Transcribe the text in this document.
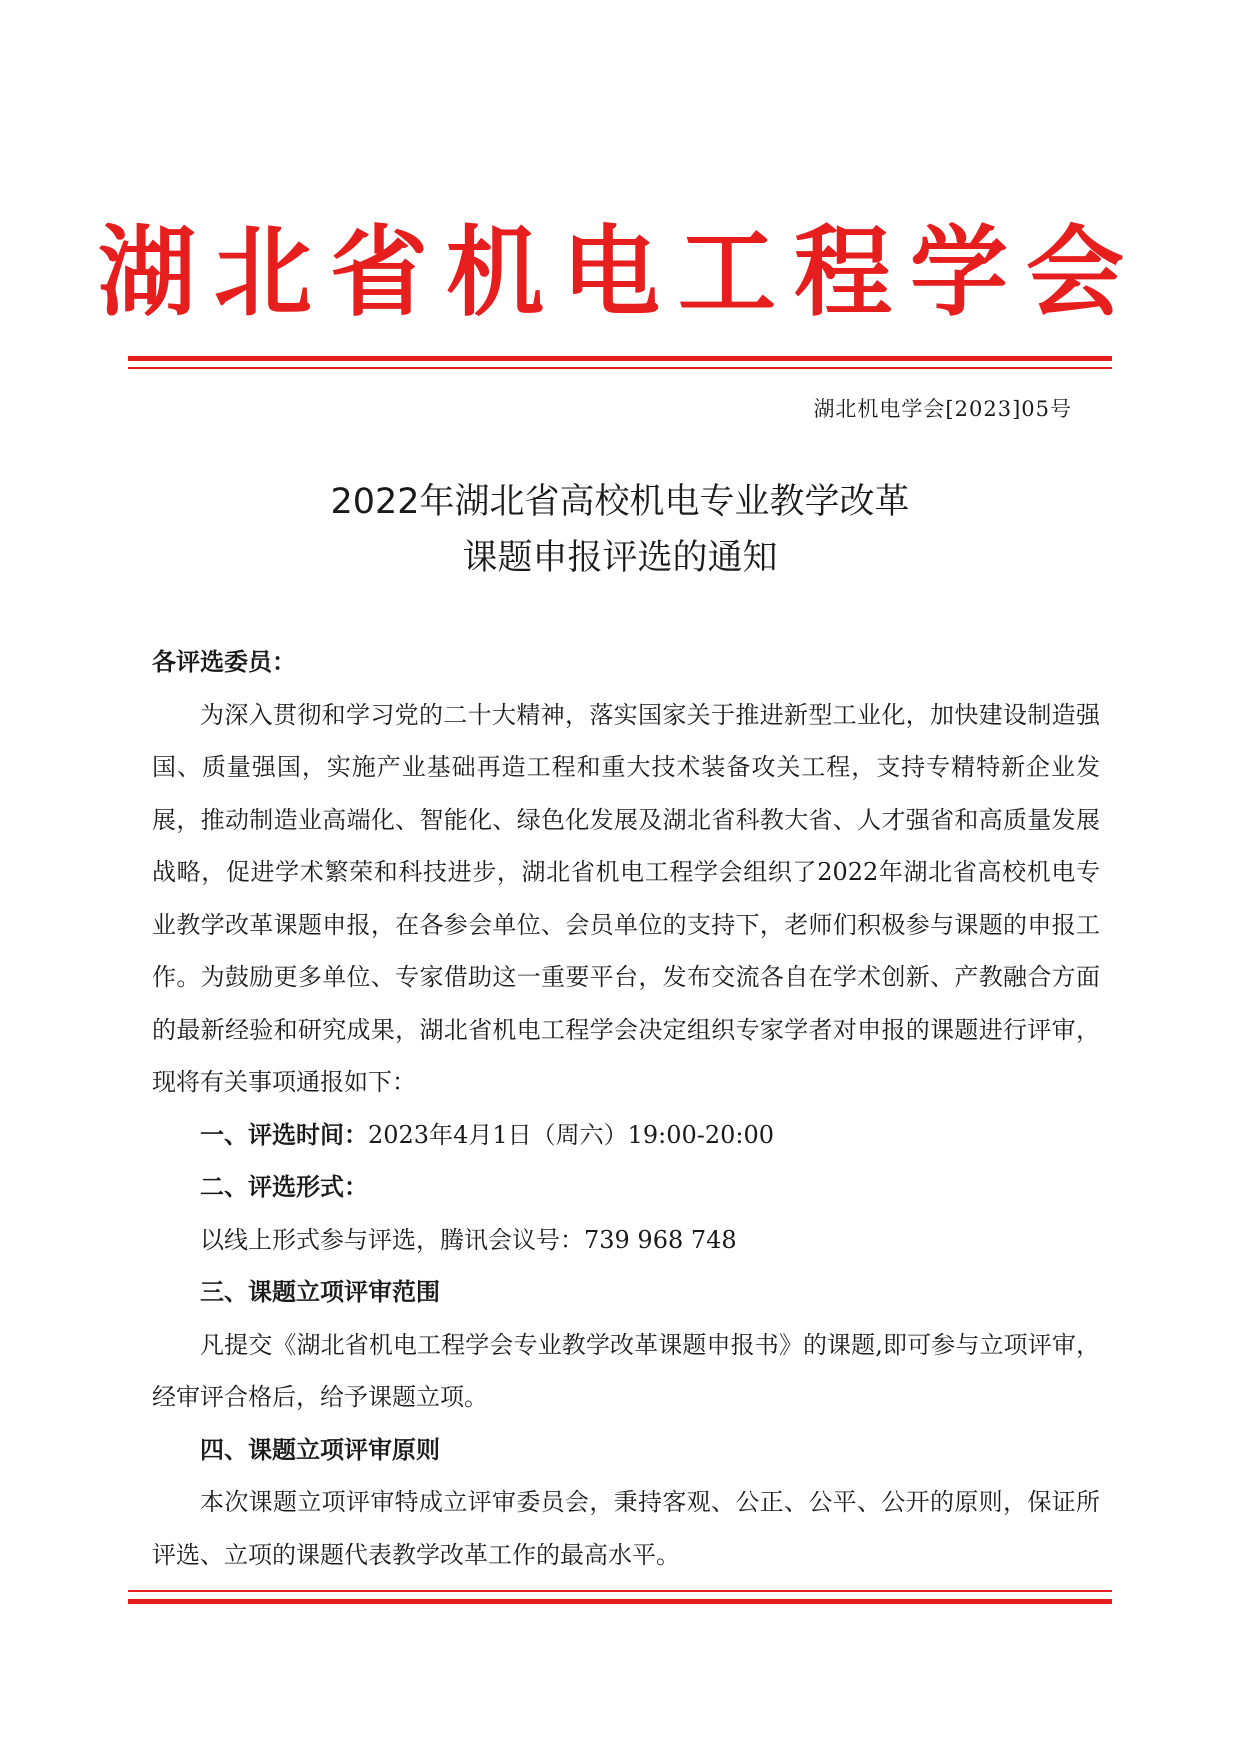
湖北省机电工程学会
湖北机电学会[2023]05号
2022年湖北省高校机电专业教学改革
课题申报评选的通知

各评选委员：

为深入贯彻和学习党的二十大精神，落实国家关于推进新型工业化，加快建设制造强国、质量强国，实施产业基础再造工程和重大技术装备攻关工程，支持专精特新企业发展，推动制造业高端化、智能化、绿色化发展及湖北省科教大省、人才强省和高质量发展战略，促进学术繁荣和科技进步，湖北省机电工程学会组织了2022年湖北省高校机电专业教学改革课题申报，在各参会单位、会员单位的支持下，老师们积极参与课题的申报工作。为鼓励更多单位、专家借助这一重要平台，发布交流各自在学术创新、产教融合方面的最新经验和研究成果，湖北省机电工程学会决定组织专家学者对申报的课题进行评审，现将有关事项通报如下：

一、评选时间：2023年4月1日（周六）19:00-20:00

二、评选形式：

以线上形式参与评选，腾讯会议号：739 968 748

三、课题立项评审范围

凡提交《湖北省机电工程学会专业教学改革课题申报书》的课题,即可参与立项评审，经审评合格后，给予课题立项。

四、课题立项评审原则

本次课题立项评审特成立评审委员会，秉持客观、公正、公平、公开的原则，保证所评选、立项的课题代表教学改革工作的最高水平。
